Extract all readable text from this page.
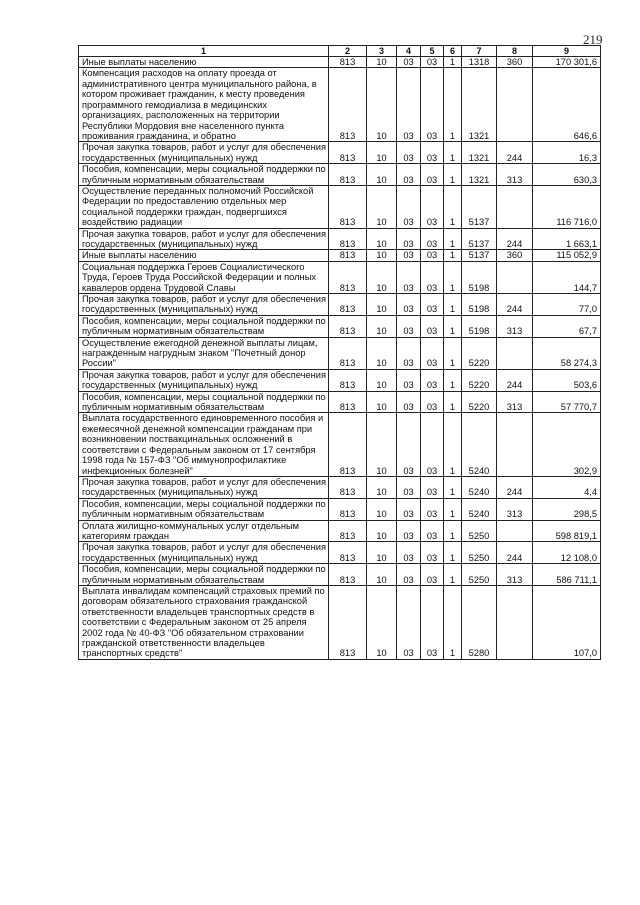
219
1	2	3	4	5	6	7	8	9
Иные выплаты населению	813	10	03	03	1	1318	360	170 301,6
Компенсация расходов на оплату проезда от административного центра муниципального района, в котором проживает гражданин, к месту проведения программного гемодиализа в медицинских организациях, расположенных на территории Республики Мордовия вне населенного пункта проживания гражданина, и обратно	813	10	03	03	1	1321		646,6
Прочая закупка товаров, работ и услуг для обеспечения государственных (муниципальных) нужд	813	10	03	03	1	1321	244	16,3
Пособия, компенсации, меры социальной поддержки по публичным нормативным обязательствам	813	10	03	03	1	1321	313	630,3
Осуществление переданных полномочий Российской Федерации по предоставлению отдельных мер социальной поддержки граждан, подвергшихся воздействию радиации	813	10	03	03	1	5137		116 716,0
Прочая закупка товаров, работ и услуг для обеспечения государственных (муниципальных) нужд	813	10	03	03	1	5137	244	1 663,1
Иные выплаты населению	813	10	03	03	1	5137	360	115 052,9
Социальная поддержка Героев Социалистического Труда, Героев Труда Российской Федерации и полных кавалеров ордена Трудовой Славы	813	10	03	03	1	5198		144,7
Прочая закупка товаров, работ и услуг для обеспечения государственных (муниципальных) нужд	813	10	03	03	1	5198	244	77,0
Пособия, компенсации, меры социальной поддержки по публичным нормативным обязательствам	813	10	03	03	1	5198	313	67,7
Осуществление ежегодной денежной выплаты лицам, награжденным нагрудным знаком "Почетный донор России"	813	10	03	03	1	5220		58 274,3
Прочая закупка товаров, работ и услуг для обеспечения государственных (муниципальных) нужд	813	10	03	03	1	5220	244	503,6
Пособия, компенсации, меры социальной поддержки по публичным нормативным обязательствам	813	10	03	03	1	5220	313	57 770,7
Выплата государственного единовременного пособия и ежемесячной денежной компенсации гражданам при возникновении поствакцинальных осложнений в соответствии с Федеральным законом от 17 сентября 1998 года № 157-ФЗ "Об иммунопрофилактике инфекционных болезней"	813	10	03	03	1	5240		302,9
Прочая закупка товаров, работ и услуг для обеспечения государственных (муниципальных) нужд	813	10	03	03	1	5240	244	4,4
Пособия, компенсации, меры социальной поддержки по публичным нормативным обязательствам	813	10	03	03	1	5240	313	298,5
Оплата жилищно-коммунальных услуг отдельным категориям граждан	813	10	03	03	1	5250		598 819,1
Прочая закупка товаров, работ и услуг для обеспечения государственных (муниципальных) нужд	813	10	03	03	1	5250	244	12 108,0
Пособия, компенсации, меры социальной поддержки по публичным нормативным обязательствам	813	10	03	03	1	5250	313	586 711,1
Выплата инвалидам компенсаций страховых премий по договорам обязательного страхования гражданской ответственности владельцев транспортных средств в соответствии с Федеральным законом от 25 апреля 2002 года № 40-ФЗ "Об обязательном страховании гражданской ответственности владельцев транспортных средств"	813	10	03	03	1	5280		107,0
